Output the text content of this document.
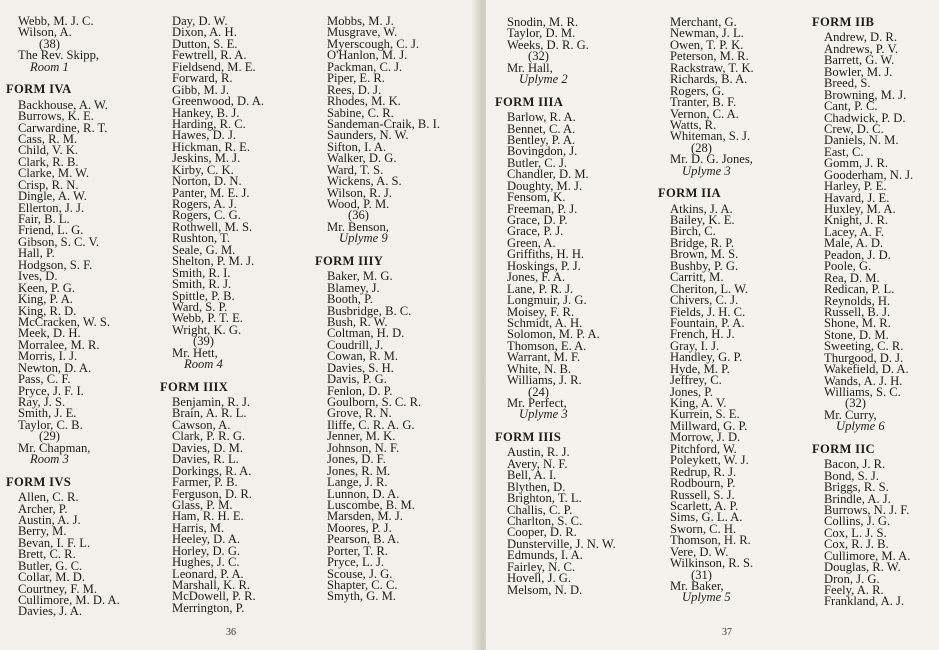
Webb, M. J. C.
Wilson, A.
(38)
The Rev. Skipp,
Room 1
FORM IVA
Backhouse, A. W.
Burrows, K. E.
Carwardine, R. T.
Cass, R. M.
Child, V. K.
Clark, R. B.
Clarke, M. W.
Crisp, R. N.
Dingle, A. W.
Ellerton, J. J.
Fair, B. L.
Friend, L. G.
Gibson, S. C. V.
Hall, P.
Hodgson, S. F.
Ives, D.
Keen, P. G.
King, P. A.
King, R. D.
McCracken, W. S.
Meek, D. H.
Morralee, M. R.
Morris, I. J.
Newton, D. A.
Pass, C. F.
Pryce, J. F. I.
Ray, J. S.
Smith, J. E.
Taylor, C. B.
(29)
Mr. Chapman,
Room 3
FORM IVS
Allen, C. R.
Archer, P.
Austin, A. J.
Berry, M.
Bevan, I. F. L.
Brett, C. R.
Butler, G. C.
Collar, M. D.
Courtney, F. M.
Cullimore, M. D. A.
Davies, J. A.
Day, D. W.
Dixon, A. H.
Dutton, S. E.
Fewtrell, R. A.
Fieldsend, M. E.
Forward, R.
Gibb, M. J.
Greenwood, D. A.
Hankey, B. J.
Harding, R. C.
Hawes, D. J.
Hickman, R. E.
Jeskins, M. J.
Kirby, C. K.
Norton, D. N.
Panter, M. E. J.
Rogers, A. J.
Rogers, C. G.
Rothwell, M. S.
Rushton, T.
Seale, G. M.
Shelton, P. M. J.
Smith, R. I.
Smith, R. J.
Spittle, P. B.
Ward, S. P.
Webb, P. T. E.
Wright, K. G.
(39)
Mr. Hett,
Room 4
FORM IIIX
Benjamin, R. J.
Brain, A. R. L.
Cawson, A.
Clark, P. R. G.
Davies, D. M.
Davies, R. L.
Dorkings, R. A.
Farmer, P. B.
Ferguson, D. R.
Glass, P. M.
Ham, R. H. E.
Harris, M.
Heeley, D. A.
Horley, D. G.
Hughes, J. C.
Leonard, P. A.
Marshall, K. R.
McDowell, P. R.
Merrington, P.
Mobbs, M. J.
Musgrave, W.
Myerscough, C. J.
O'Hanlon, M. J.
Packman, C. J.
Piper, E. R.
Rees, D. J.
Rhodes, M. K.
Sabine, C. R.
Sandeman-Craik, B. I.
Saunders, N. W.
Sifton, I. A.
Walker, D. G.
Ward, T. S.
Wickens, A. S.
Wilson, R. J.
Wood, P. M.
(36)
Mr. Benson,
Uplyme 9
FORM IIIY
Baker, M. G.
Blamey, J.
Booth, P.
Busbridge, B. C.
Bush, R. W.
Coltman, H. D.
Coudrill, J.
Cowan, R. M.
Davies, S. H.
Davis, P. G.
Fenlon, D. P.
Goulborn, S. C. R.
Grove, R. N.
Iliffe, C. R. A. G.
Jenner, M. K.
Johnson, N. F.
Jones, D. F.
Jones, R. M.
Lange, J. R.
Lunnon, D. A.
Luscombe, B. M.
Marsden, M. J.
Moores, P. J.
Pearson, B. A.
Porter, T. R.
Pryce, L. J.
Scouse, J. G.
Shapter, C. C.
Smyth, G. M.
36
Snodin, M. R.
Taylor, D. M.
Weeks, D. R. G.
(32)
Mr. Hall,
Uplyme 2
FORM IIIA
Barlow, R. A.
Bennet, C. A.
Bentley, P. A.
Bovingdon, J.
Butler, C. J.
Chandler, D. M.
Doughty, M. J.
Fensom, K.
Freeman, P. J.
Grace, D. P.
Grace, P. J.
Green, A.
Griffiths, H. H.
Hoskings, P. J.
Jones, F. A.
Lane, P. R. J.
Longmuir, J. G.
Moisey, F. R.
Schmidt, A. H.
Solomon, M. P. A.
Thomson, E. A.
Warrant, M. F.
White, N. B.
Williams, J. R.
(24)
Mr. Perfect,
Uplyme 3
FORM IIIS
Austin, R. J.
Avery, N. F.
Bell, A. I.
Blythen, D.
Brighton, T. L.
Challis, C. P.
Charlton, S. C.
Cooper, D. R.
Dunsterville, J. N. W.
Edmunds, I. A.
Fairley, N. C.
Hovell, J. G.
Melsom, N. D.
Merchant, G.
Newman, J. L.
Owen, T. P. K.
Peterson, M. R.
Rackstraw, T. K.
Richards, B. A.
Rogers, G.
Tranter, B. F.
Vernon, C. A.
Watts, R.
Whiteman, S. J.
(28)
Mr. D. G. Jones,
Uplyme 3
FORM IIA
Atkins, J. A.
Bailey, K. E.
Birch, C.
Bridge, R. P.
Brown, M. S.
Bushby, P. G.
Carritt, M.
Cheriton, L. W.
Chivers, C. J.
Fields, J. H. C.
Fountain, P. A.
French, H. J.
Gray, I. J.
Handley, G. P.
Hyde, M. P.
Jeffrey, C.
Jones, P.
King, A. V.
Kurrein, S. E.
Millward, G. P.
Morrow, J. D.
Pitchford, W.
Poleykett, W. J.
Redrup, R. J.
Rodbourn, P.
Russell, S. J.
Scarlett, A. P.
Sims, G. L. A.
Sworn, C. H.
Thomson, H. R.
Vere, D. W.
Wilkinson, R. S.
(31)
Mr. Baker,
Uplyme 5
FORM IIB
Andrew, D. R.
Andrews, P. V.
Barrett, G. W.
Bowler, M. J.
Breed, S.
Browning, M. J.
Cant, P. C.
Chadwick, P. D.
Crew, D. C.
Daniels, N. M.
East, C.
Gomm, J. R.
Gooderham, N. J.
Harley, P. E.
Havard, J. E.
Huxley, M. A.
Knight, J. R.
Lacey, A. F.
Male, A. D.
Peadon, J. D.
Poole, G.
Rea, D. M.
Redican, P. L.
Reynolds, H.
Russell, B. J.
Shone, M. R.
Stone, D. M.
Sweeting, C. R.
Thurgood, D. J.
Wakefield, D. A.
Wands, A. J. H.
Williams, S. C.
(32)
Mr. Curry,
Uplyme 6
FORM IIC
Bacon, J. R.
Bond, S. J.
Briggs, R. S.
Brindle, A. J.
Burrows, N. J. F.
Collins, J. G.
Cox, L. J. S.
Cox, R. J. B.
Cullimore, M. A.
Douglas, R. W.
Dron, J. G.
Feely, A. R.
Frankland, A. J.
37
